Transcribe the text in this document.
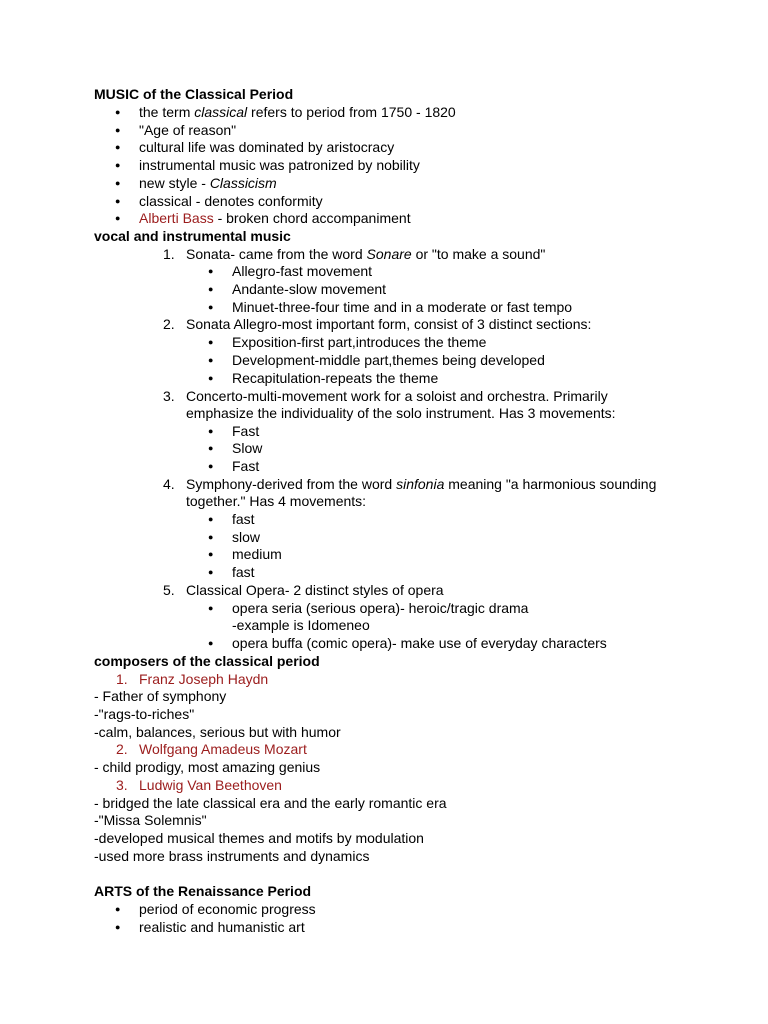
MUSIC of the Classical Period
● the term classical refers to period from 1750 - 1820
● "Age of reason"
● cultural life was dominated by aristocracy
● instrumental music was patronized by nobility
● new style - Classicism
● classical - denotes conformity
● Alberti Bass - broken chord accompaniment
vocal and instrumental music
1. Sonata- came from the word Sonare or "to make a sound"
● Allegro-fast movement
● Andante-slow movement
● Minuet-three-four time and in a moderate or fast tempo
2. Sonata Allegro-most important form, consist of 3 distinct sections:
● Exposition-first part,introduces the theme
● Development-middle part,themes being developed
● Recapitulation-repeats the theme
3. Concerto-multi-movement work for a soloist and orchestra. Primarily
emphasize the individuality of the solo instrument. Has 3 movements:
● Fast
● Slow
● Fast
4. Symphony-derived from the word sinfonia meaning "a harmonious sounding
together." Has 4 movements:
● fast
● slow
● medium
● fast
5. Classical Opera- 2 distinct styles of opera
● opera seria (serious opera)- heroic/tragic drama
-example is Idomeneo
● opera buffa (comic opera)- make use of everyday characters
composers of the classical period
1. Franz Joseph Haydn
- Father of symphony
-"rags-to-riches"
-calm, balances, serious but with humor
2. Wolfgang Amadeus Mozart
- child prodigy, most amazing genius
3. Ludwig Van Beethoven
- bridged the late classical era and the early romantic era
-"Missa Solemnis"
-developed musical themes and motifs by modulation
-used more brass instruments and dynamics
ARTS of the Renaissance Period
● period of economic progress
● realistic and humanistic art
